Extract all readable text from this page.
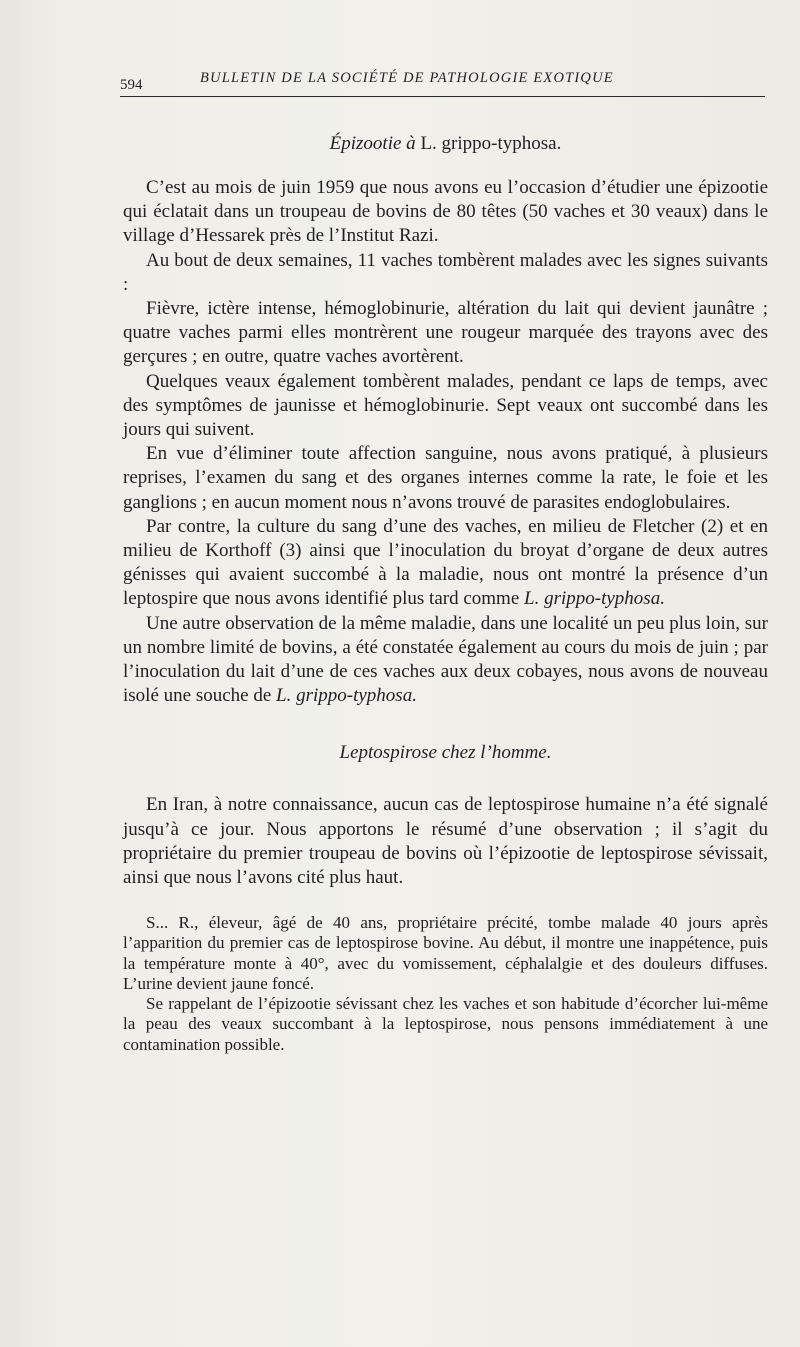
594	BULLETIN DE LA SOCIÉTÉ DE PATHOLOGIE EXOTIQUE
Épizootie à L. grippo-typhosa.

C’est au mois de juin 1959 que nous avons eu l’occasion d’étudier une épizootie qui éclatait dans un troupeau de bovins de 80 têtes (50 vaches et 30 veaux) dans le village d’Hessarek près de l’Institut Razi.

Au bout de deux semaines, 11 vaches tombèrent malades avec les signes suivants :

Fièvre, ictère intense, hémoglobinurie, altération du lait qui devient jaunâtre ; quatre vaches parmi elles montrèrent une rougeur marquée des trayons avec des gerçures ; en outre, quatre vaches avortèrent.

Quelques veaux également tombèrent malades, pendant ce laps de temps, avec des symptômes de jaunisse et hémoglobinurie. Sept veaux ont succombé dans les jours qui suivent.

En vue d’éliminer toute affection sanguine, nous avons pratiqué, à plusieurs reprises, l’examen du sang et des organes internes comme la rate, le foie et les ganglions ; en aucun moment nous n’avons trouvé de parasites endoglobulaires.

Par contre, la culture du sang d’une des vaches, en milieu de Fletcher (2) et en milieu de Korthoff (3) ainsi que l’inoculation du broyat d’organe de deux autres génisses qui avaient succombé à la maladie, nous ont montré la présence d’un leptospire que nous avons identifié plus tard comme L. grippo-typhosa.

Une autre observation de la même maladie, dans une localité un peu plus loin, sur un nombre limité de bovins, a été constatée également au cours du mois de juin ; par l’inoculation du lait d’une de ces vaches aux deux cobayes, nous avons de nouveau isolé une souche de L. grippo-typhosa.

Leptospirose chez l’homme.

En Iran, à notre connaissance, aucun cas de leptospirose humaine n’a été signalé jusqu’à ce jour. Nous apportons le résumé d’une observation ; il s’agit du propriétaire du premier troupeau de bovins où l’épizootie de leptospirose sévissait, ainsi que nous l’avons cité plus haut.

S... R., éleveur, âgé de 40 ans, propriétaire précité, tombe malade 40 jours après l’apparition du premier cas de leptospirose bovine. Au début, il montre une inappétence, puis la température monte à 40°, avec du vomissement, céphalalgie et des douleurs diffuses. L’urine devient jaune foncé.

Se rappelant de l’épizootie sévissant chez les vaches et son habitude d’écorcher lui-même la peau des veaux succombant à la leptospirose, nous pensons immédiatement à une contamination possible.
